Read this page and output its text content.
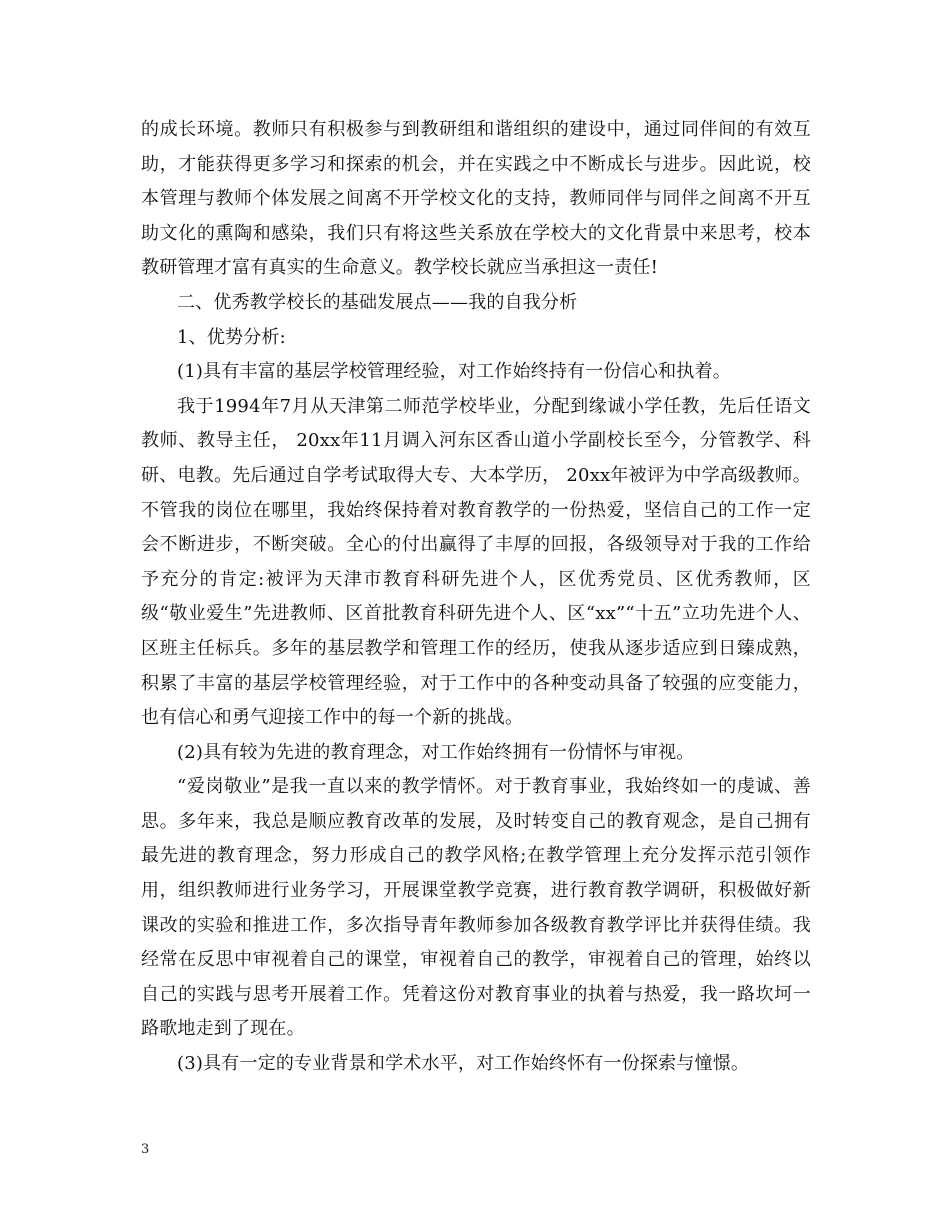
的成长环境。教师只有积极参与到教研组和谐组织的建设中，通过同伴间的有效互助，才能获得更多学习和探索的机会，并在实践之中不断成长与进步。因此说，校本管理与教师个体发展之间离不开学校文化的支持，教师同伴与同伴之间离不开互助文化的熏陶和感染，我们只有将这些关系放在学校大的文化背景中来思考，校本教研管理才富有真实的生命意义。教学校长就应当承担这一责任!

二、优秀教学校长的基础发展点——我的自我分析

1、优势分析:

(1)具有丰富的基层学校管理经验，对工作始终持有一份信心和执着。

我于1994年7月从天津第二师范学校毕业，分配到缘诚小学任教，先后任语文教师、教导主任， 20xx年11月调入河东区香山道小学副校长至今，分管教学、科研、电教。先后通过自学考试取得大专、大本学历， 20xx年被评为中学高级教师。不管我的岗位在哪里，我始终保持着对教育教学的一份热爱，坚信自己的工作一定会不断进步，不断突破。全心的付出赢得了丰厚的回报，各级领导对于我的工作给予充分的肯定:被评为天津市教育科研先进个人，区优秀党员、区优秀教师，区级“敬业爱生”先进教师、区首批教育科研先进个人、区“xx”“十五”立功先进个人、区班主任标兵。多年的基层教学和管理工作的经历，使我从逐步适应到日臻成熟，积累了丰富的基层学校管理经验，对于工作中的各种变动具备了较强的应变能力，也有信心和勇气迎接工作中的每一个新的挑战。

(2)具有较为先进的教育理念，对工作始终拥有一份情怀与审视。

“爱岗敬业”是我一直以来的教学情怀。对于教育事业，我始终如一的虔诚、善思。多年来，我总是顺应教育改革的发展，及时转变自己的教育观念，是自己拥有最先进的教育理念，努力形成自己的教学风格;在教学管理上充分发挥示范引领作用，组织教师进行业务学习，开展课堂教学竞赛，进行教育教学调研，积极做好新课改的实验和推进工作，多次指导青年教师参加各级教育教学评比并获得佳绩。我经常在反思中审视着自己的课堂，审视着自己的教学，审视着自己的管理，始终以自己的实践与思考开展着工作。凭着这份对教育事业的执着与热爱，我一路坎坷一路歌地走到了现在。

(3)具有一定的专业背景和学术水平，对工作始终怀有一份探索与憧憬。

3
